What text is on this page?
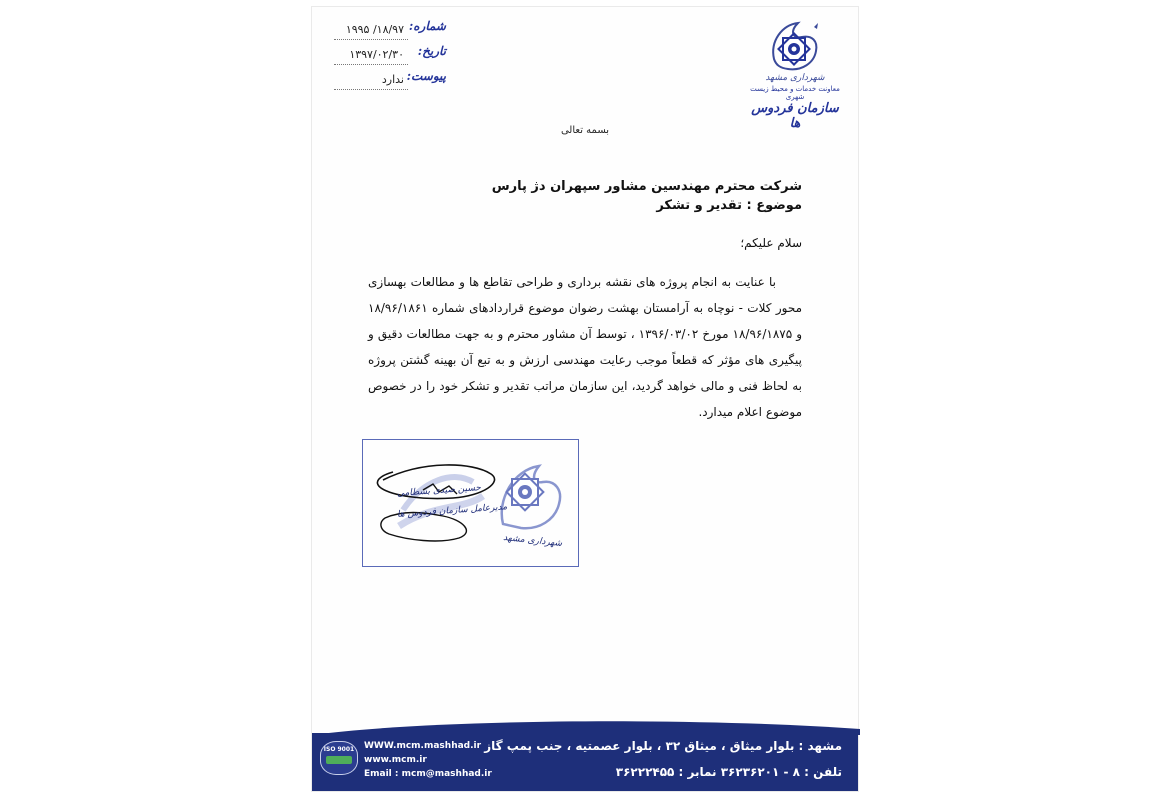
شماره:
۱۸/۹۷/ ۱۹۹۵
تاریخ:
۱۳۹۷/۰۲/۳۰
پیوست:
ندارد	شهرداری مشهد
معاونت خدمات و محیط زیست شهری
سازمان فردوس ها
بسمه تعالی
شرکت محترم مهندسین مشاور سپهران دژ پارس
موضوع : تقدیر و تشکر
سلام علیکم؛

با عنایت به انجام پروژه های نقشه برداری و طراحی تقاطع ها و مطالعات بهسازی محور کلات - نوچاه به آرامستان بهشت رضوان موضوع قراردادهای شماره ۱۸/۹۶/۱۸۶۱ و ۱۸/۹۶/۱۸۷۵ مورخ ۱۳۹۶/۰۳/۰۲ ، توسط آن مشاور محترم و به جهت مطالعات دقیق و پیگیری های مؤثر که قطعاً موجب رعایت مهندسی ارزش و به تبع آن بهینه گشتن پروژه به لحاظ فنی و مالی خواهد گردید، این سازمان مراتب تقدیر و تشکر خود را در خصوص موضوع اعلام میدارد.

حسین صیدی بسطامی
مدیرعامل سازمان فردوس ها
شهرداری مشهد
ISO 9001	WWW.mcm.mashhad.ir
www.mcm.ir
Email : mcm@mashhad.ir
مشهد : بلوار میثاق ، میثاق ۳۲ ، بلوار عصمتیه ، جنب پمپ گاز
تلفن : ۸ - ۳۶۲۳۶۲۰۱ نمابر : ۳۶۲۲۲۴۵۵
